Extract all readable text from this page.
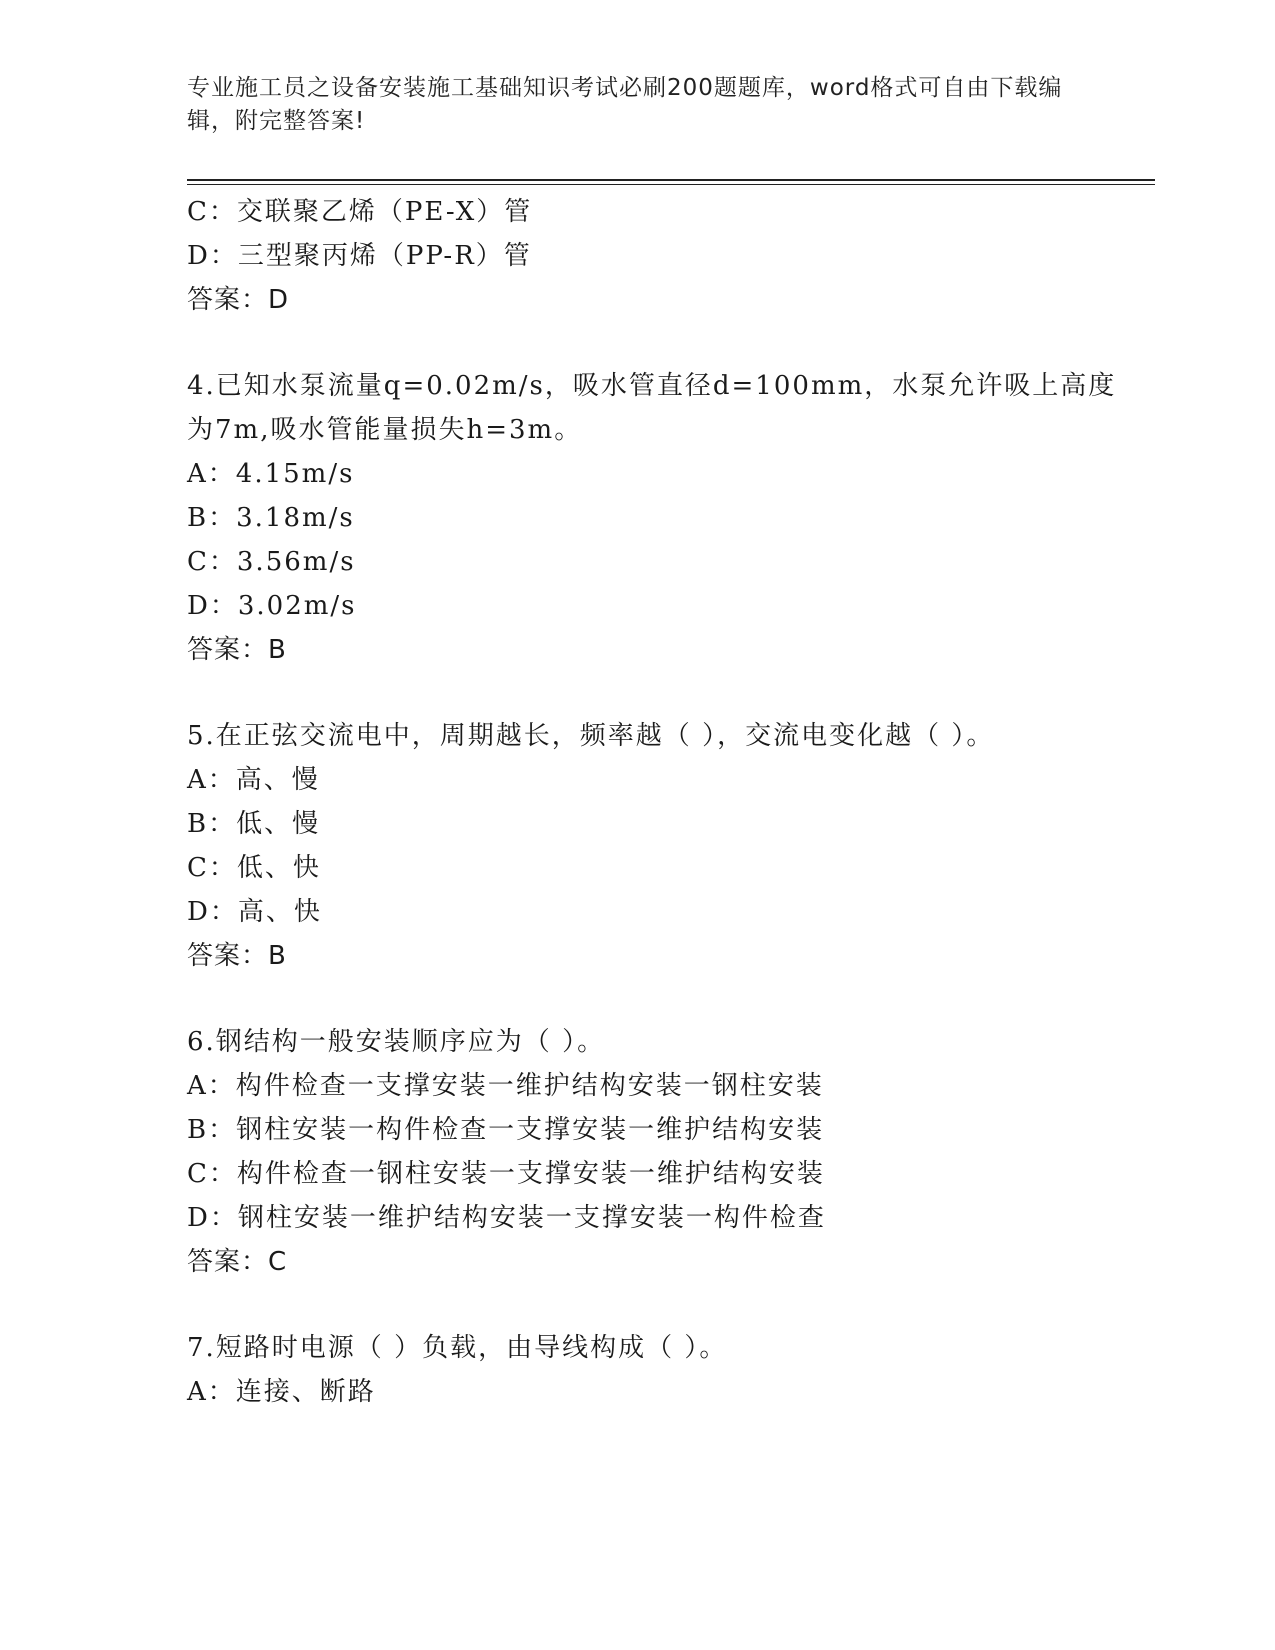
专业施工员之设备安装施工基础知识考试必刷200题题库，word格式可自由下载编辑，附完整答案!
C：交联聚乙烯（PE-X）管
D：三型聚丙烯（PP-R）管
答案：D
4.已知水泵流量q=0.02m/s，吸水管直径d=100mm，水泵允许吸上高度
为7m,吸水管能量损失h=3m。
A：4.15m/s
B：3.18m/s
C：3.56m/s
D：3.02m/s
答案：B
5.在正弦交流电中，周期越长，频率越（ ），交流电变化越（ ）。
A：高、慢
B：低、慢
C：低、快
D：高、快
答案：B
6.钢结构一般安装顺序应为（ ）。
A：构件检查一支撑安装一维护结构安装一钢柱安装
B：钢柱安装一构件检查一支撑安装一维护结构安装
C：构件检查一钢柱安装一支撑安装一维护结构安装
D：钢柱安装一维护结构安装一支撑安装一构件检查
答案：C
7.短路时电源（ ）负载，由导线构成（ ）。
A：连接、断路
